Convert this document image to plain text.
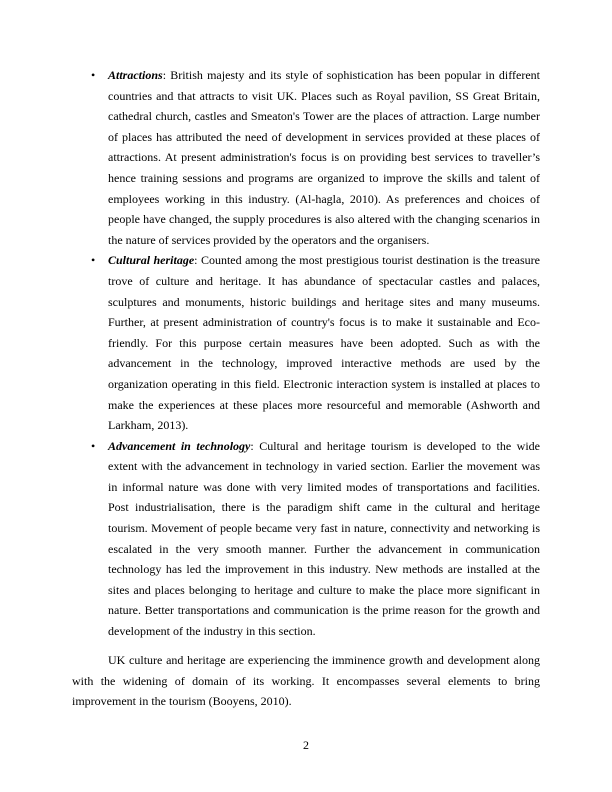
• Attractions: British majesty and its style of sophistication has been popular in different countries and that attracts to visit UK. Places such as Royal pavilion, SS Great Britain, cathedral church, castles and Smeaton's Tower are the places of attraction. Large number of places has attributed the need of development in services provided at these places of attractions. At present administration's focus is on providing best services to traveller’s hence training sessions and programs are organized to improve the skills and talent of employees working in this industry. (Al-hagla, 2010). As preferences and choices of people have changed, the supply procedures is also altered with the changing scenarios in the nature of services provided by the operators and the organisers.
• Cultural heritage: Counted among the most prestigious tourist destination is the treasure trove of culture and heritage. It has abundance of spectacular castles and palaces, sculptures and monuments, historic buildings and heritage sites and many museums. Further, at present administration of country's focus is to make it sustainable and Eco-friendly. For this purpose certain measures have been adopted. Such as with the advancement in the technology, improved interactive methods are used by the organization operating in this field. Electronic interaction system is installed at places to make the experiences at these places more resourceful and memorable (Ashworth and Larkham, 2013).
• Advancement in technology: Cultural and heritage tourism is developed to the wide extent with the advancement in technology in varied section. Earlier the movement was in informal nature was done with very limited modes of transportations and facilities. Post industrialisation, there is the paradigm shift came in the cultural and heritage tourism. Movement of people became very fast in nature, connectivity and networking is escalated in the very smooth manner. Further the advancement in communication technology has led the improvement in this industry. New methods are installed at the sites and places belonging to heritage and culture to make the place more significant in nature. Better transportations and communication is the prime reason for the growth and development of the industry in this section.

UK culture and heritage are experiencing the imminence growth and development along with the widening of domain of its working. It encompasses several elements to bring improvement in the tourism (Booyens, 2010).

2
